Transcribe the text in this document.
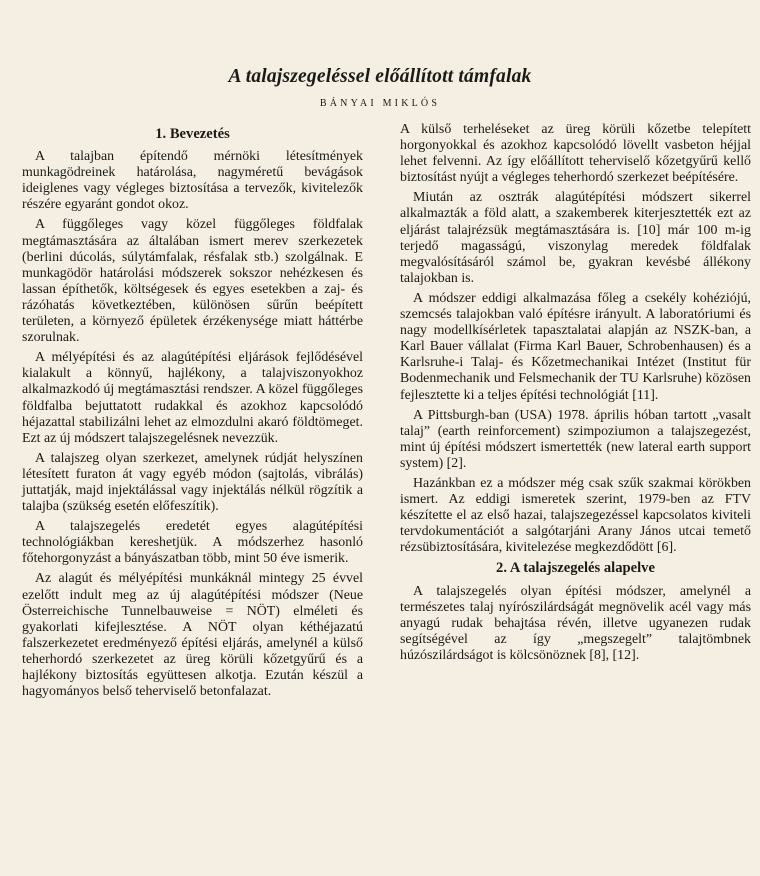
A talajszegeléssel előállított támfalak
BÁNYAI MIKLÓS
1. Bevezetés

A talajban építendő mérnöki létesítmények munkagödreinek határolása, nagyméretű bevágások ideiglenes vagy végleges biztosítása a tervezők, kivitelezők részére egyaránt gondot okoz.

A függőleges vagy közel függőleges földfalak megtámasztására az általában ismert merev szerkezetek (berlini dúcolás, súlytámfalak, résfalak stb.) szolgálnak. E munkagödör határolási módszerek sokszor nehézkesen és lassan építhetők, költségesek és egyes esetekben a zaj- és rázóhatás következtében, különösen sűrűn beépített területen, a környező épületek érzékenysége miatt háttérbe szorulnak.

A mélyépítési és az alagútépítési eljárások fejlődésével kialakult a könnyű, hajlékony, a talajviszonyokhoz alkalmazkodó új megtámasztási rendszer. A közel függőleges földfalba bejuttatott rudakkal és azokhoz kapcsolódó héjazattal stabilizálni lehet az elmozdulni akaró földtömeget. Ezt az új módszert talajszegelésnek nevezzük.

A talajszeg olyan szerkezet, amelynek rúdját helyszínen létesített furaton át vagy egyéb módon (sajtolás, vibrálás) juttatják, majd injektálással vagy injektálás nélkül rögzítik a talajba (szükség esetén előfeszítik).

A talajszegelés eredetét egyes alagútépítési technológiákban kereshetjük. A módszerhez hasonló főtehorgonyzást a bányászatban több, mint 50 éve ismerik.

Az alagút és mélyépítési munkáknál mintegy 25 évvel ezelőtt indult meg az új alagútépítési módszer (Neue Österreichische Tunnelbauweise = NÖT) elméleti és gyakorlati kifejlesztése. A NÖT olyan kéthéjazatú falszerkezetet eredményező építési eljárás, amelynél a külső teherhordó szerkezetet az üreg körüli kőzetgyűrű és a hajlékony biztosítás együttesen alkotja. Ezután készül a hagyományos belső teherviselő betonfalazat.

A külső terheléseket az üreg körüli kőzetbe telepített horgonyokkal és azokhoz kapcsolódó lövellt vasbeton héjjal lehet felvenni. Az így előállított teherviselő kőzetgyűrű kellő biztosítást nyújt a végleges teherhordó szerkezet beépítésére.

Miután az osztrák alagútépítési módszert sikerrel alkalmazták a föld alatt, a szakemberek kiterjesztették ezt az eljárást talajrézsük megtámasztására is. [10] már 100 m-ig terjedő magasságú, viszonylag meredek földfalak megvalósításáról számol be, gyakran kevésbé állékony talajokban is.

A módszer eddigi alkalmazása főleg a csekély kohéziójú, szemcsés talajokban való építésre irányult. A laboratóriumi és nagy modellkísérletek tapasztalatai alapján az NSZK-ban, a Karl Bauer vállalat (Firma Karl Bauer, Schrobenhausen) és a Karlsruhe-i Talaj- és Kőzetmechanikai Intézet (Institut für Bodenmechanik und Felsmechanik der TU Karlsruhe) közösen fejlesztette ki a teljes építési technológiát [11].

A Pittsburgh-ban (USA) 1978. április hóban tartott „vasalt talaj” (earth reinforcement) szimpoziumon a talajszegezést, mint új építési módszert ismertették (new lateral earth support system) [2].

Hazánkban ez a módszer még csak szűk szakmai körökben ismert. Az eddigi ismeretek szerint, 1979-ben az FTV készítette el az első hazai, talajszegezéssel kapcsolatos kiviteli tervdokumentációt a salgótarjáni Arany János utcai temető rézsübiztosítására, kivitelezése megkezdődött [6].

2. A talajszegelés alapelve

A talajszegelés olyan építési módszer, amelynél a természetes talaj nyírószilárdságát megnövelik acél vagy más anyagú rudak behajtása révén, illetve ugyanezen rudak segítségével az így „megszegelt” talajtömbnek húzószilárdságot is kölcsönöznek [8], [12].
